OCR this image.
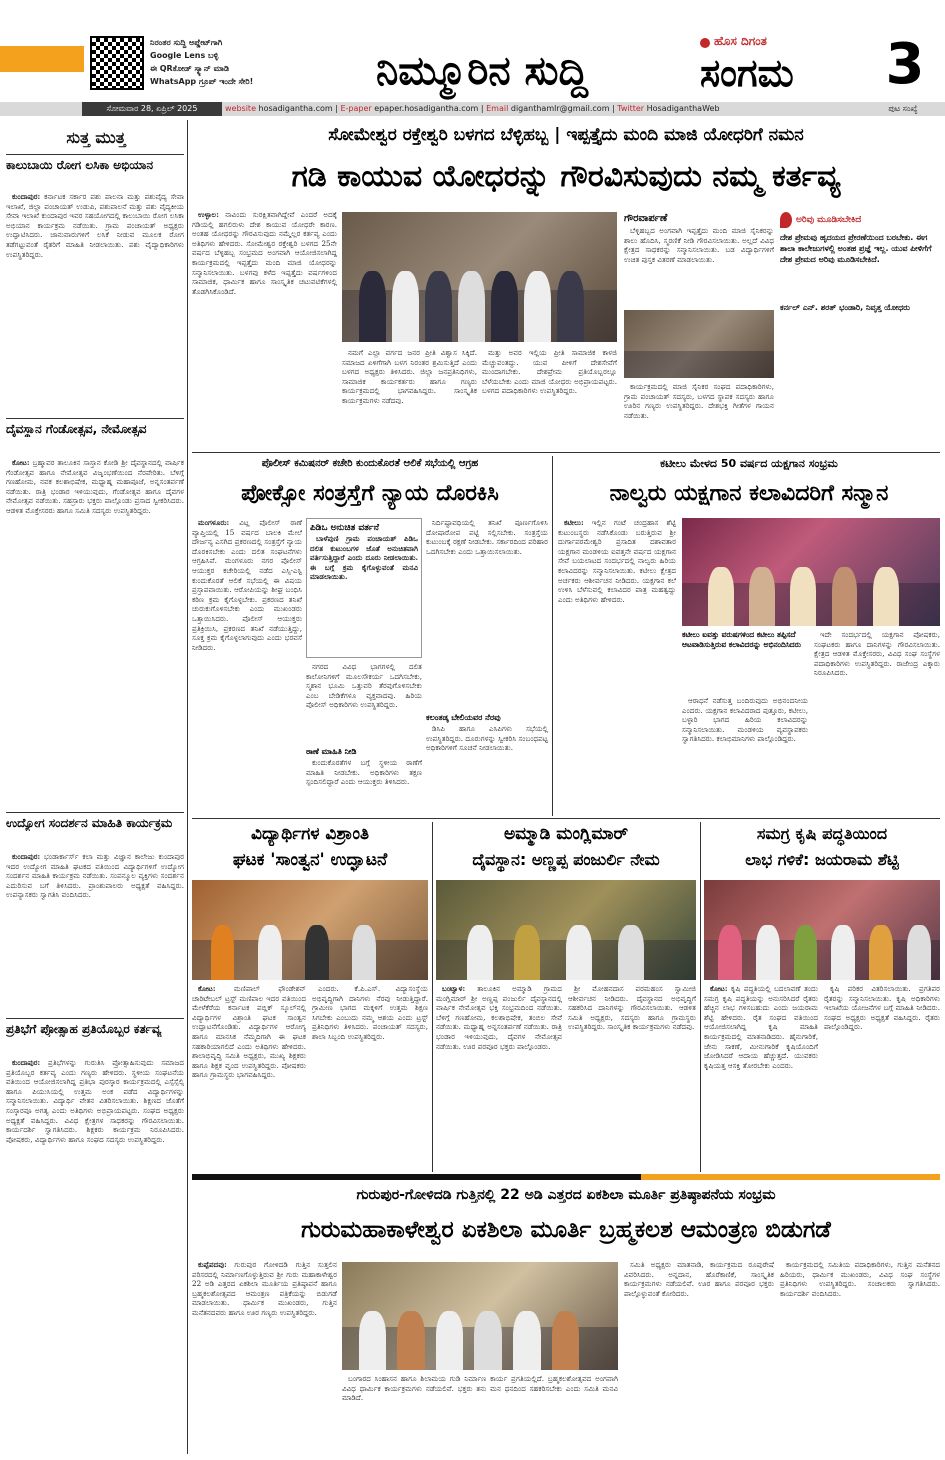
ನಿರಂತರ ಸುದ್ದಿ ಅಪ್ಡೇಟ್‌ಗಾಗಿ
Google Lens ಬಳ್ಳಿ
ಈ QRಕೋಡ್ ಸ್ಕ್ಯಾನ್ ಮಾಡಿ
WhatsApp ಗ್ರೂಪ್ ಇಂದೇ ಸೇರಿ!	ನಿಮ್ಮೂರಿನ ಸುದ್ದಿ
ಹೊಸ ದಿಗಂತ
ಸಂಗಮ	3
ಸೋಮವಾರ 28, ಏಪ್ರಿಲ್ 2025	website hosadigantha.com | E-paper epaper.hosadigantha.com | Email diganthamlr@gmail.com | Twitter HosadiganthaWeb	ಪುಟ ಸಂಖ್ಯೆ
ಸುತ್ತ ಮುತ್ತ
ಕಾಲುಬಾಯಿ ರೋಗ ಲಸಿಕಾ ಅಭಿಯಾನ

ಕುಂದಾಪುರ: ಕರ್ನಾಟಕ ಸರ್ಕಾರ ಪಶು ಪಾಲನಾ ಮತ್ತು ಪಶುವೈದ್ಯ ಸೇವಾ ಇಲಾಖೆ, ಜಿಲ್ಲಾ ಪಂಚಾಯತ್ ಉಡುಪಿ, ಪಶುಪಾಲನೆ ಮತ್ತು ಪಶು ವೈದ್ಯಕೀಯ ಸೇವಾ ಇಲಾಖೆ ಕುಂದಾಪುರ ಇವರ ಸಹಯೋಗದಲ್ಲಿ ಕಾಲುಬಾಯಿ ರೋಗ ಲಸಿಕಾ ಅಭಿಯಾನ ಕಾರ್ಯಕ್ರಮ ನಡೆಯಿತು. ಗ್ರಾಮ ಪಂಚಾಯತ್ ಅಧ್ಯಕ್ಷರು ಉದ್ಘಾಟಿಸಿದರು. ಜಾನುವಾರುಗಳಿಗೆ ಲಸಿಕೆ ನೀಡುವ ಮೂಲಕ ರೋಗ ತಡೆಗಟ್ಟುವಂತೆ ರೈತರಿಗೆ ಮಾಹಿತಿ ನೀಡಲಾಯಿತು. ಪಶು ವೈದ್ಯಾಧಿಕಾರಿಗಳು ಉಪಸ್ಥಿತರಿದ್ದರು.

ದೈವಸ್ಥಾನ ಗೆಂಡೋತ್ಸವ, ನೇಮೋತ್ಸವ

ಕೋಟ: ಬ್ರಹ್ಮಾವರ ತಾಲೂಕಿನ ಸಾಸ್ತಾನ ಕೋಡಿ ಶ್ರೀ ದೈವಸ್ಥಾನದಲ್ಲಿ ವಾರ್ಷಿಕ ಗೆಂಡೋತ್ಸವ ಹಾಗೂ ನೇಮೋತ್ಸವ ವಿಜೃಂಭಣೆಯಿಂದ ನೆರವೇರಿತು. ಬೆಳಿಗ್ಗೆ ಗಣಹೋಮ, ನವಕ ಕಲಶಾಭಿಷೇಕ, ಮಧ್ಯಾಹ್ನ ಮಹಾಪೂಜೆ, ಅನ್ನಸಂತರ್ಪಣೆ ನಡೆಯಿತು. ರಾತ್ರಿ ಭಂಡಾರ ಇಳಿಯುವುದು, ಗೆಂಡೋತ್ಸವ ಹಾಗೂ ದೈವಗಳ ನೇಮೋತ್ಸವ ನಡೆಯಿತು. ಸಹಸ್ರಾರು ಭಕ್ತರು ಪಾಲ್ಗೊಂಡು ಪ್ರಸಾದ ಸ್ವೀಕರಿಸಿದರು. ಆಡಳಿತ ಮೊಕ್ತೇಸರರು ಹಾಗೂ ಸಮಿತಿ ಸದಸ್ಯರು ಉಪಸ್ಥಿತರಿದ್ದರು.

ಉದ್ಯೋಗ ಸಂದರ್ಶನ ಮಾಹಿತಿ ಕಾರ್ಯಕ್ರಮ

ಕುಂದಾಪುರ: ಭಂಡಾರ್ಕಾರ್ಸ್ ಕಲಾ ಮತ್ತು ವಿಜ್ಞಾನ ಕಾಲೇಜು ಕುಂದಾಪುರ ಇದರ ಉದ್ಯೋಗ ಮಾಹಿತಿ ಘಟಕದ ವತಿಯಿಂದ ವಿದ್ಯಾರ್ಥಿಗಳಿಗೆ ಉದ್ಯೋಗ ಸಂದರ್ಶನ ಮಾಹಿತಿ ಕಾರ್ಯಕ್ರಮ ನಡೆಯಿತು. ಸಂಪನ್ಮೂಲ ವ್ಯಕ್ತಿಗಳು ಸಂದರ್ಶನ ಎದುರಿಸುವ ಬಗೆ ತಿಳಿಸಿದರು. ಪ್ರಾಂಶುಪಾಲರು ಅಧ್ಯಕ್ಷತೆ ವಹಿಸಿದ್ದರು. ಉಪನ್ಯಾಸಕರು ಸ್ವಾಗತಿಸಿ ವಂದಿಸಿದರು.

ಪ್ರತಿಭೆಗೆ ಪ್ರೋತ್ಸಾಹ ಪ್ರತಿಯೊಬ್ಬರ ಕರ್ತವ್ಯ

ಕುಂದಾಪುರ: ಪ್ರತಿಭೆಗಳನ್ನು ಗುರುತಿಸಿ ಪ್ರೋತ್ಸಾಹಿಸುವುದು ಸಮಾಜದ ಪ್ರತಿಯೊಬ್ಬರ ಕರ್ತವ್ಯ ಎಂದು ಗಣ್ಯರು ಹೇಳಿದರು. ಸ್ಥಳೀಯ ಸಂಘಟನೆಯ ವತಿಯಿಂದ ಆಯೋಜಿಸಲಾಗಿದ್ದ ಪ್ರತಿಭಾ ಪುರಸ್ಕಾರ ಕಾರ್ಯಕ್ರಮದಲ್ಲಿ ಎಸ್ಸೆಸ್ಸೆಲ್ಸಿ ಹಾಗೂ ಪಿಯುಸಿಯಲ್ಲಿ ಉತ್ತಮ ಅಂಕ ಪಡೆದ ವಿದ್ಯಾರ್ಥಿಗಳನ್ನು ಸನ್ಮಾನಿಸಲಾಯಿತು. ವಿದ್ಯಾರ್ಥಿ ವೇತನ ವಿತರಿಸಲಾಯಿತು. ಶಿಕ್ಷಣದ ಜೊತೆಗೆ ಸಂಸ್ಕಾರವೂ ಅಗತ್ಯ ಎಂದು ಅತಿಥಿಗಳು ಅಭಿಪ್ರಾಯಪಟ್ಟರು. ಸಂಘದ ಅಧ್ಯಕ್ಷರು ಅಧ್ಯಕ್ಷತೆ ವಹಿಸಿದ್ದರು. ವಿವಿಧ ಕ್ಷೇತ್ರಗಳ ಸಾಧಕರನ್ನು ಗೌರವಿಸಲಾಯಿತು. ಕಾರ್ಯದರ್ಶಿ ಸ್ವಾಗತಿಸಿದರು. ಶಿಕ್ಷಕರು ಕಾರ್ಯಕ್ರಮ ನಿರೂಪಿಸಿದರು. ಪೋಷಕರು, ವಿದ್ಯಾರ್ಥಿಗಳು ಹಾಗೂ ಸಂಘದ ಸದಸ್ಯರು ಉಪಸ್ಥಿತರಿದ್ದರು.

ಸೋಮೇಶ್ವರ ರಕ್ತೇಶ್ವರಿ ಬಳಗದ ಬೆಳ್ಳಿಹಬ್ಬ | ಇಪ್ಪತ್ತೈದು ಮಂದಿ ಮಾಜಿ ಯೋಧರಿಗೆ ನಮನ
ಗಡಿ ಕಾಯುವ ಯೋಧರನ್ನು ಗೌರವಿಸುವುದು ನಮ್ಮ ಕರ್ತವ್ಯ

ಉಳ್ಳಾಲ: ನಾವಿಂದು ಸುರಕ್ಷಿತವಾಗಿದ್ದೇವೆ ಎಂದರೆ ಅದಕ್ಕೆ ಗಡಿಯಲ್ಲಿ ಹಗಲಿರುಳು ದೇಶ ಕಾಯುವ ಯೋಧರೇ ಕಾರಣ. ಅಂತಹ ಯೋಧರನ್ನು ಗೌರವಿಸುವುದು ನಮ್ಮೆಲ್ಲರ ಕರ್ತವ್ಯ ಎಂದು ಅತಿಥಿಗಳು ಹೇಳಿದರು. ಸೋಮೇಶ್ವರ ರಕ್ತೇಶ್ವರಿ ಬಳಗದ 25ನೇ ವರ್ಷದ ಬೆಳ್ಳಿಹಬ್ಬ ಸಂಭ್ರಮದ ಅಂಗವಾಗಿ ಆಯೋಜಿಸಲಾಗಿದ್ದ ಕಾರ್ಯಕ್ರಮದಲ್ಲಿ ಇಪ್ಪತ್ತೈದು ಮಂದಿ ಮಾಜಿ ಯೋಧರನ್ನು ಸನ್ಮಾನಿಸಲಾಯಿತು. ಬಳಗವು ಕಳೆದ ಇಪ್ಪತ್ತೈದು ವರ್ಷಗಳಿಂದ ಸಾಮಾಜಿಕ, ಧಾರ್ಮಿಕ ಹಾಗೂ ಸಾಂಸ್ಕೃತಿಕ ಚಟುವಟಿಕೆಗಳಲ್ಲಿ ತೊಡಗಿಸಿಕೊಂಡಿದೆ.

ನಮಗೆ ಎಲ್ಲಾ ವರ್ಗದ ಜನರ ಪ್ರೀತಿ ವಿಶ್ವಾಸ ಸಿಕ್ಕಿದೆ. ಸಮಾಜದ ಏಳಿಗೆಗಾಗಿ ಬಳಗ ನಿರಂತರ ಶ್ರಮಿಸುತ್ತಿದೆ ಎಂದು ಬಳಗದ ಅಧ್ಯಕ್ಷರು ತಿಳಿಸಿದರು. ಜಿಲ್ಲಾ ಜನಪ್ರತಿನಿಧಿಗಳು, ಸಾಮಾಜಿಕ ಕಾರ್ಯಕರ್ತರು ಹಾಗೂ ಗಣ್ಯರು ಕಾರ್ಯಕ್ರಮದಲ್ಲಿ ಭಾಗವಹಿಸಿದ್ದರು. ಸಾಂಸ್ಕೃತಿಕ ಕಾರ್ಯಕ್ರಮಗಳು ನಡೆದವು.

ಮತ್ತು ಅವರ ಇಲ್ಲಿಯ ಪ್ರೀತಿ ಸಾಮಾಜಿಕ ಕಾಳಜಿ ಮೆಚ್ಚುವಂತದ್ದು. ಯುವ ಪೀಳಿಗೆ ದೇಶಸೇವೆಗೆ ಮುಂದಾಗಬೇಕು. ದೇಶಪ್ರೇಮ ಪ್ರತಿಯೊಬ್ಬರಲ್ಲೂ ಬೆಳೆಯಬೇಕು ಎಂದು ಮಾಜಿ ಯೋಧರು ಅಭಿಪ್ರಾಯಪಟ್ಟರು. ಬಳಗದ ಪದಾಧಿಕಾರಿಗಳು ಉಪಸ್ಥಿತರಿದ್ದರು.

ಗೌರವಾರ್ಪಣೆ

ಬೆಳ್ಳಿಹಬ್ಬದ ಅಂಗವಾಗಿ ಇಪ್ಪತ್ತೈದು ಮಂದಿ ಮಾಜಿ ಸೈನಿಕರನ್ನು ಶಾಲು ಹೊದಿಸಿ, ಸ್ಮರಣಿಕೆ ನೀಡಿ ಗೌರವಿಸಲಾಯಿತು. ಅಲ್ಲದೆ ವಿವಿಧ ಕ್ಷೇತ್ರದ ಸಾಧಕರನ್ನು ಸನ್ಮಾನಿಸಲಾಯಿತು. ಬಡ ವಿದ್ಯಾರ್ಥಿಗಳಿಗೆ ಉಚಿತ ಪುಸ್ತಕ ವಿತರಣೆ ಮಾಡಲಾಯಿತು.

ಕಾರ್ಯಕ್ರಮದಲ್ಲಿ ಮಾಜಿ ಸೈನಿಕರ ಸಂಘದ ಪದಾಧಿಕಾರಿಗಳು, ಗ್ರಾಮ ಪಂಚಾಯತ್ ಸದಸ್ಯರು, ಬಳಗದ ಸ್ಥಾಪಕ ಸದಸ್ಯರು ಹಾಗೂ ಊರಿನ ಗಣ್ಯರು ಉಪಸ್ಥಿತರಿದ್ದರು. ದೇಶಭಕ್ತಿ ಗೀತೆಗಳ ಗಾಯನ ನಡೆಯಿತು.

ಅರಿವು ಮೂಡಿಸಬೇಕಿದೆ
ದೇಶ ಪ್ರೇಮವು ಹೃದಯದ ಪ್ರೇರಣೆಯಿಂದ ಬರಬೇಕು. ಈಗ ಶಾಲಾ ಕಾಲೇಜುಗಳಲ್ಲಿ ಅಂತಹ ಪ್ರಜ್ಞೆ ಇಲ್ಲ. ಯುವ ಪೀಳಿಗೆಗೆ ದೇಶ ಪ್ರೇಮದ ಅರಿವು ಮೂಡಿಸಬೇಕಿದೆ.
ಕರ್ನಲ್ ಎನ್. ಶರತ್ ಭಂಡಾರಿ, ನಿವೃತ್ತ ಯೋಧರು
ಪೊಲೀಸ್ ಕಮಿಷನರ್ ಕಚೇರಿ ಕುಂದುಕೊರತೆ ಆಲಿಕೆ ಸಭೆಯಲ್ಲಿ ಆಗ್ರಹ
ಪೋಕ್ಸೋ ಸಂತ್ರಸ್ತೆಗೆ ನ್ಯಾಯ ದೊರಕಿಸಿ

ಮಂಗಳೂರು: ವಿಟ್ಲ ಪೊಲೀಸ್ ಠಾಣೆ ವ್ಯಾಪ್ತಿಯಲ್ಲಿ 15 ವರ್ಷದ ಬಾಲಕಿ ಮೇಲೆ ದೌರ್ಜನ್ಯ ಎಸಗಿದ ಪ್ರಕರಣದಲ್ಲಿ ಸಂತ್ರಸ್ತೆಗೆ ನ್ಯಾಯ ದೊರಕಿಸಬೇಕು ಎಂದು ದಲಿತ ಸಂಘಟನೆಗಳು ಆಗ್ರಹಿಸಿವೆ. ಮಂಗಳೂರು ನಗರ ಪೊಲೀಸ್ ಆಯುಕ್ತರ ಕಚೇರಿಯಲ್ಲಿ ನಡೆದ ಎಸ್ಸಿ-ಎಸ್ಟಿ ಕುಂದುಕೊರತೆ ಆಲಿಕೆ ಸಭೆಯಲ್ಲಿ ಈ ವಿಷಯ ಪ್ರಸ್ತಾಪವಾಯಿತು. ಆರೋಪಿಯನ್ನು ಶೀಘ್ರ ಬಂಧಿಸಿ ಕಠಿಣ ಕ್ರಮ ಕೈಗೊಳ್ಳಬೇಕು. ಪ್ರಕರಣದ ತನಿಖೆ ಚುರುಕುಗೊಳಿಸಬೇಕು ಎಂದು ಮುಖಂಡರು ಒತ್ತಾಯಿಸಿದರು. ಪೊಲೀಸ್ ಆಯುಕ್ತರು ಪ್ರತಿಕ್ರಿಯಿಸಿ, ಪ್ರಕರಣದ ತನಿಖೆ ನಡೆಯುತ್ತಿದ್ದು, ಸೂಕ್ತ ಕ್ರಮ ಕೈಗೊಳ್ಳಲಾಗುವುದು ಎಂದು ಭರವಸೆ ನೀಡಿದರು.

ಪಿಡಿಒ ಅನುಚಿತ ವರ್ತನೆ

ಬಾಳೆಪುಣಿ ಗ್ರಾಮ ಪಂಚಾಯತ್ ಪಿಡಿಒ ದಲಿತ ಕುಟುಂಬಗಳ ಜೊತೆ ಅನುಚಿತವಾಗಿ ವರ್ತಿಸುತ್ತಿದ್ದಾರೆ ಎಂದು ದೂರು ನೀಡಲಾಯಿತು. ಈ ಬಗ್ಗೆ ಕ್ರಮ ಕೈಗೊಳ್ಳುವಂತೆ ಮನವಿ ಮಾಡಲಾಯಿತು.

ನಗರದ ವಿವಿಧ ಭಾಗಗಳಲ್ಲಿ ದಲಿತ ಕಾಲೋನಿಗಳಿಗೆ ಮೂಲಸೌಕರ್ಯ ಒದಗಿಸಬೇಕು, ಸ್ಮಶಾನ ಭೂಮಿ ಒತ್ತುವರಿ ತೆರವುಗೊಳಿಸಬೇಕು ಎಂಬ ಬೇಡಿಕೆಗಳೂ ವ್ಯಕ್ತವಾದವು. ಹಿರಿಯ ಪೊಲೀಸ್ ಅಧಿಕಾರಿಗಳು ಉಪಸ್ಥಿತರಿದ್ದರು.

ಠಾಣೆ ಮಾಹಿತಿ ನೀಡಿ

ಕುಂದುಕೊರತೆಗಳ ಬಗ್ಗೆ ಸ್ಥಳೀಯ ಠಾಣೆಗೆ ಮಾಹಿತಿ ನೀಡಬೇಕು. ಅಧಿಕಾರಿಗಳು ತಕ್ಷಣ ಸ್ಪಂದಿಸಲಿದ್ದಾರೆ ಎಂದು ಆಯುಕ್ತರು ತಿಳಿಸಿದರು.

ನಿರ್ದಿಷ್ಟಾವಧಿಯಲ್ಲಿ ತನಿಖೆ ಪೂರ್ಣಗೊಳಿಸಿ ದೋಷಾರೋಪ ಪಟ್ಟಿ ಸಲ್ಲಿಸಬೇಕು. ಸಂತ್ರಸ್ತೆಯ ಕುಟುಂಬಕ್ಕೆ ರಕ್ಷಣೆ ನೀಡಬೇಕು. ಸರ್ಕಾರದಿಂದ ಪರಿಹಾರ ಒದಗಿಸಬೇಕು ಎಂದು ಒತ್ತಾಯಿಸಲಾಯಿತು.

ಕಲಂತಡ್ಕ ಬೇಲಿಯವರ ನೆರವು

ಡಿಸಿಪಿ ಹಾಗೂ ಎಸಿಪಿಗಳು ಸಭೆಯಲ್ಲಿ ಉಪಸ್ಥಿತರಿದ್ದರು. ದೂರುಗಳನ್ನು ಸ್ವೀಕರಿಸಿ ಸಂಬಂಧಪಟ್ಟ ಅಧಿಕಾರಿಗಳಿಗೆ ಸೂಚನೆ ನೀಡಲಾಯಿತು.

ಕಟೀಲು ಮೇಳದ 50 ವರ್ಷದ ಯಕ್ಷಗಾನ ಸಂಭ್ರಮ
ನಾಲ್ವರು ಯಕ್ಷಗಾನ ಕಲಾವಿದರಿಗೆ ಸನ್ಮಾನ

ಕಟೀಲು: ಇಲ್ಲಿನ ಗಂಟೆ ಚಂದ್ರಹಾಸ ಶೆಟ್ಟಿ ಕುಟುಂಬಸ್ಥರು ನಡೆಸಿಕೊಂಡು ಬರುತ್ತಿರುವ ಶ್ರೀ ದುರ್ಗಾಪರಮೇಶ್ವರಿ ಪ್ರಸಾದಿತ ದಶಾವತಾರ ಯಕ್ಷಗಾನ ಮಂಡಳಿಯ ಐವತ್ತನೇ ವರ್ಷದ ಯಕ್ಷಗಾನ ಸೇವೆ ಬಯಲಾಟದ ಸಂದರ್ಭದಲ್ಲಿ ನಾಲ್ವರು ಹಿರಿಯ ಕಲಾವಿದರನ್ನು ಸನ್ಮಾನಿಸಲಾಯಿತು. ಕಟೀಲು ಕ್ಷೇತ್ರದ ಅರ್ಚಕರು ಆಶೀರ್ವಚನ ನೀಡಿದರು. ಯಕ್ಷಗಾನ ಕಲೆ ಉಳಿಸಿ ಬೆಳೆಸುವಲ್ಲಿ ಕಲಾವಿದರ ಪಾತ್ರ ಮಹತ್ವದ್ದು ಎಂದು ಅತಿಥಿಗಳು ಹೇಳಿದರು.

ಕಟೀಲು ಐವತ್ತು ವರುಷಗಳಿಂದ ಕಟೀಲು ತಪ್ಪಿಸದೆ ಆಟವಾಡಿಸುತ್ತಿರುವ ಕಲಾವಿದರನ್ನು ಅಭಿನಂದಿಸಿದರು

ಆರಾಧನೆ ನಡೆಸುತ್ತ ಬಂದಿರುವುದು ಅಭಿನಂದನೀಯ ಎಂದರು. ಯಕ್ಷಗಾನ ಕಲಾವಿದರಾದ ಪುತ್ತೂರು, ಕಟೀಲು, ಬಳ್ಳಾರಿ ಭಾಗದ ಹಿರಿಯ ಕಲಾವಿದರನ್ನು ಸನ್ಮಾನಿಸಲಾಯಿತು. ಮಂಡಳಿಯ ವ್ಯವಸ್ಥಾಪಕರು ಸ್ವಾಗತಿಸಿದರು. ಕಲಾಭಿಮಾನಿಗಳು ಪಾಲ್ಗೊಂಡಿದ್ದರು.

ಇದೇ ಸಂದರ್ಭದಲ್ಲಿ ಯಕ್ಷಗಾನ ಪೋಷಕರು, ಸಂಘಟಕರು ಹಾಗೂ ದಾನಿಗಳನ್ನು ಗೌರವಿಸಲಾಯಿತು. ಕ್ಷೇತ್ರದ ಆಡಳಿತ ಮೊಕ್ತೇಸರರು, ವಿವಿಧ ಸಂಘ ಸಂಸ್ಥೆಗಳ ಪದಾಧಿಕಾರಿಗಳು ಉಪಸ್ಥಿತರಿದ್ದರು. ರಾಜೇಂದ್ರ ಎಕ್ಕಾರು ನಿರೂಪಿಸಿದರು.

ವಿದ್ಯಾರ್ಥಿಗಳ ವಿಶ್ರಾಂತಿ
ಘಟಕ 'ಸಾಂತ್ವನ' ಉದ್ಘಾಟನೆ

ಕೋಟ:	ಮಣಿಪಾಲ್ ಫೌಂಡೇಶನ್ ಚಾರಿಟೇಬಲ್ ಟ್ರಸ್ಟ್ ಮಣಿಪಾಲ ಇದರ ವತಿಯಿಂದ ಮೇಳೆಕೆರೆಯ ಕರ್ನಾಟಕ ಪಬ್ಲಿಕ್ ಸ್ಕೂಲ್‌ನಲ್ಲಿ ವಿದ್ಯಾರ್ಥಿಗಳ ವಿಶ್ರಾಂತಿ ಘಟಕ ಸಾಂತ್ವನ ಉದ್ಘಾಟನೆಗೊಂಡಿತು. ವಿದ್ಯಾರ್ಥಿಗಳ ಆರೋಗ್ಯ ಹಾಗೂ ಮಾನಸಿಕ ನೆಮ್ಮದಿಗಾಗಿ ಈ ಘಟಕ ಸಹಕಾರಿಯಾಗಲಿದೆ ಎಂದು ಅತಿಥಿಗಳು ಹೇಳಿದರು. ಶಾಲಾಭಿವೃದ್ಧಿ ಸಮಿತಿ ಅಧ್ಯಕ್ಷರು, ಮುಖ್ಯ ಶಿಕ್ಷಕರು ಹಾಗೂ ಶಿಕ್ಷಕ ವೃಂದ ಉಪಸ್ಥಿತರಿದ್ದರು. ಪೋಷಕರು ಹಾಗೂ ಗ್ರಾಮಸ್ಥರು ಭಾಗವಹಿಸಿದ್ದರು.

ಎಂದರು. ಕೆ.ಪಿ.ಎಸ್. ವಿದ್ಯಾಸಂಸ್ಥೆಯ ಅಭಿವೃದ್ಧಿಗಾಗಿ ದಾನಿಗಳು ನೆರವು ನೀಡುತ್ತಿದ್ದಾರೆ. ಗ್ರಾಮೀಣ ಭಾಗದ ಮಕ್ಕಳಿಗೆ ಉತ್ತಮ ಶಿಕ್ಷಣ ಸಿಗಬೇಕು ಎಂಬುದು ನಮ್ಮ ಆಶಯ ಎಂದು ಟ್ರಸ್ಟ್ ಪ್ರತಿನಿಧಿಗಳು ತಿಳಿಸಿದರು. ಪಂಚಾಯತ್ ಸದಸ್ಯರು, ಶಾಲಾ ಸಿಬ್ಬಂದಿ ಉಪಸ್ಥಿತರಿದ್ದರು.

ಅಮ್ಮಾಡಿ ಮಂಗ್ಲಿಮಾರ್
ದೈವಸ್ಥಾನ: ಅಣ್ಣಪ್ಪ ಪಂಜುರ್ಲಿ ನೇಮ

ಬಂಟ್ವಾಳ: ತಾಲೂಕಿನ ಅಮ್ಮಾಡಿ ಗ್ರಾಮದ ಮಂಗ್ಲಿಮಾರ್ ಶ್ರೀ ಅಣ್ಣಪ್ಪ ಪಂಜುರ್ಲಿ ದೈವಸ್ಥಾನದಲ್ಲಿ ವಾರ್ಷಿಕ ನೇಮೋತ್ಸವ ಭಕ್ತಿ ಸಂಭ್ರಮದಿಂದ ನಡೆಯಿತು. ಬೆಳಿಗ್ಗೆ ಗಣಹೋಮ, ಕಲಶಾಭಿಷೇಕ, ತಂಬಿಲ ಸೇವೆ ನಡೆಯಿತು. ಮಧ್ಯಾಹ್ನ ಅನ್ನಸಂತರ್ಪಣೆ ನಡೆಯಿತು. ರಾತ್ರಿ ಭಂಡಾರ ಇಳಿಯುವುದು, ದೈವಗಳ ನೇಮೋತ್ಸವ ನಡೆಯಿತು. ಊರ ಪರವೂರ ಭಕ್ತರು ಪಾಲ್ಗೊಂಡರು.

ಶ್ರೀ ಮೋಹನದಾಸ ಪರಮಹಂಸ ಸ್ವಾಮೀಜಿ ಆಶೀರ್ವಚನ ನೀಡಿದರು. ದೈವಸ್ಥಾನದ ಅಭಿವೃದ್ಧಿಗೆ ಸಹಕರಿಸಿದ ದಾನಿಗಳನ್ನು ಗೌರವಿಸಲಾಯಿತು. ಆಡಳಿತ ಸಮಿತಿ ಅಧ್ಯಕ್ಷರು, ಸದಸ್ಯರು ಹಾಗೂ ಗ್ರಾಮಸ್ಥರು ಉಪಸ್ಥಿತರಿದ್ದರು. ಸಾಂಸ್ಕೃತಿಕ ಕಾರ್ಯಕ್ರಮಗಳು ನಡೆದವು.

ಸಮಗ್ರ ಕೃಷಿ ಪದ್ಧತಿಯಿಂದ
ಲಾಭ ಗಳಿಕೆ: ಜಯರಾಮ ಶೆಟ್ಟಿ

ಕೋಟ: ಕೃಷಿ ಪದ್ಧತಿಯಲ್ಲಿ ಬದಲಾವಣೆ ತಂದು ಸಮಗ್ರ ಕೃಷಿ ಪದ್ಧತಿಯನ್ನು ಅನುಸರಿಸಿದರೆ ರೈತರು ಹೆಚ್ಚಿನ ಲಾಭ ಗಳಿಸಬಹುದು ಎಂದು ಜಯರಾಮ ಶೆಟ್ಟಿ ಹೇಳಿದರು. ರೈತ ಸಂಘದ ವತಿಯಿಂದ ಆಯೋಜಿಸಲಾಗಿದ್ದ ಕೃಷಿ ಮಾಹಿತಿ ಕಾರ್ಯಕ್ರಮದಲ್ಲಿ ಮಾತನಾಡಿದರು. ಹೈನುಗಾರಿಕೆ, ಜೇನು ಸಾಕಣೆ, ಮೀನುಗಾರಿಕೆ ಕೃಷಿಯೊಂದಿಗೆ ಜೋಡಿಸಿದರೆ ಆದಾಯ ಹೆಚ್ಚುತ್ತದೆ. ಯುವಕರು ಕೃಷಿಯತ್ತ ಆಸಕ್ತಿ ತೋರಬೇಕು ಎಂದರು.

ಕೃಷಿ ಪರಿಕರ ವಿತರಿಸಲಾಯಿತು. ಪ್ರಗತಿಪರ ರೈತರನ್ನು ಸನ್ಮಾನಿಸಲಾಯಿತು. ಕೃಷಿ ಅಧಿಕಾರಿಗಳು ಇಲಾಖೆಯ ಯೋಜನೆಗಳ ಬಗ್ಗೆ ಮಾಹಿತಿ ನೀಡಿದರು. ಸಂಘದ ಅಧ್ಯಕ್ಷರು ಅಧ್ಯಕ್ಷತೆ ವಹಿಸಿದ್ದರು. ರೈತರು ಪಾಲ್ಗೊಂಡಿದ್ದರು.

ಗುರುಪುರ-ಗೋಳಿದಡಿ ಗುತ್ತಿನಲ್ಲಿ 22 ಅಡಿ ಎತ್ತರದ ಏಕಶಿಲಾ ಮೂರ್ತಿ ಪ್ರತಿಷ್ಠಾಪನೆಯ ಸಂಭ್ರಮ
ಗುರುಮಹಾಕಾಳೇಶ್ವರ ಏಕಶಿಲಾ ಮೂರ್ತಿ ಬ್ರಹ್ಮಕಲಶ ಆಮಂತ್ರಣ ಬಿಡುಗಡೆ

ಕುಪ್ಪೆಪದವು: ಗುರುಪುರ ಗೋಳಿದಡಿ ಗುತ್ತಿನ ಸುತ್ತಲಿನ ಪರಿಸರದಲ್ಲಿ ನಿರ್ಮಾಣಗೊಳ್ಳುತ್ತಿರುವ ಶ್ರೀ ಗುರು ಮಹಾಕಾಳೇಶ್ವರ 22 ಅಡಿ ಎತ್ತರದ ಏಕಶಿಲಾ ಮೂರ್ತಿಯ ಪ್ರತಿಷ್ಠಾಪನೆ ಹಾಗೂ ಬ್ರಹ್ಮಕಲಶೋತ್ಸವದ ಆಮಂತ್ರಣ ಪತ್ರಿಕೆಯನ್ನು ಬಿಡುಗಡೆ ಮಾಡಲಾಯಿತು. ಧಾರ್ಮಿಕ ಮುಖಂಡರು, ಗುತ್ತಿನ ಮನೆತನದವರು ಹಾಗೂ ಊರ ಗಣ್ಯರು ಉಪಸ್ಥಿತರಿದ್ದರು.

ಬಂಗಾರದ ಸಿಂಹಾಸನ ಹಾಗೂ ಶಿಲಾಮಯ ಗುಡಿ ನಿರ್ಮಾಣ ಕಾರ್ಯ ಪ್ರಗತಿಯಲ್ಲಿದೆ. ಬ್ರಹ್ಮಕಲಶೋತ್ಸವದ ಅಂಗವಾಗಿ ವಿವಿಧ ಧಾರ್ಮಿಕ ಕಾರ್ಯಕ್ರಮಗಳು ನಡೆಯಲಿವೆ. ಭಕ್ತರು ತನು ಮನ ಧನದಿಂದ ಸಹಕರಿಸಬೇಕು ಎಂದು ಸಮಿತಿ ಮನವಿ ಮಾಡಿದೆ.

ಸಮಿತಿ ಅಧ್ಯಕ್ಷರು ಮಾತನಾಡಿ, ಕಾರ್ಯಕ್ರಮದ ರೂಪುರೇಷೆ ವಿವರಿಸಿದರು. ಅನ್ನದಾನ, ಹೊರೆಕಾಣಿಕೆ, ಸಾಂಸ್ಕೃತಿಕ ಕಾರ್ಯಕ್ರಮಗಳು ನಡೆಯಲಿವೆ. ಊರ ಹಾಗೂ ಪರವೂರ ಭಕ್ತರು ಪಾಲ್ಗೊಳ್ಳುವಂತೆ ಕೋರಿದರು.

ಕಾರ್ಯಕ್ರಮದಲ್ಲಿ ಸಮಿತಿಯ ಪದಾಧಿಕಾರಿಗಳು, ಗುತ್ತಿನ ಮನೆತನದ ಹಿರಿಯರು, ಧಾರ್ಮಿಕ ಮುಖಂಡರು, ವಿವಿಧ ಸಂಘ ಸಂಸ್ಥೆಗಳ ಪ್ರತಿನಿಧಿಗಳು ಉಪಸ್ಥಿತರಿದ್ದರು. ಸಂಚಾಲಕರು ಸ್ವಾಗತಿಸಿದರು. ಕಾರ್ಯದರ್ಶಿ ವಂದಿಸಿದರು.
